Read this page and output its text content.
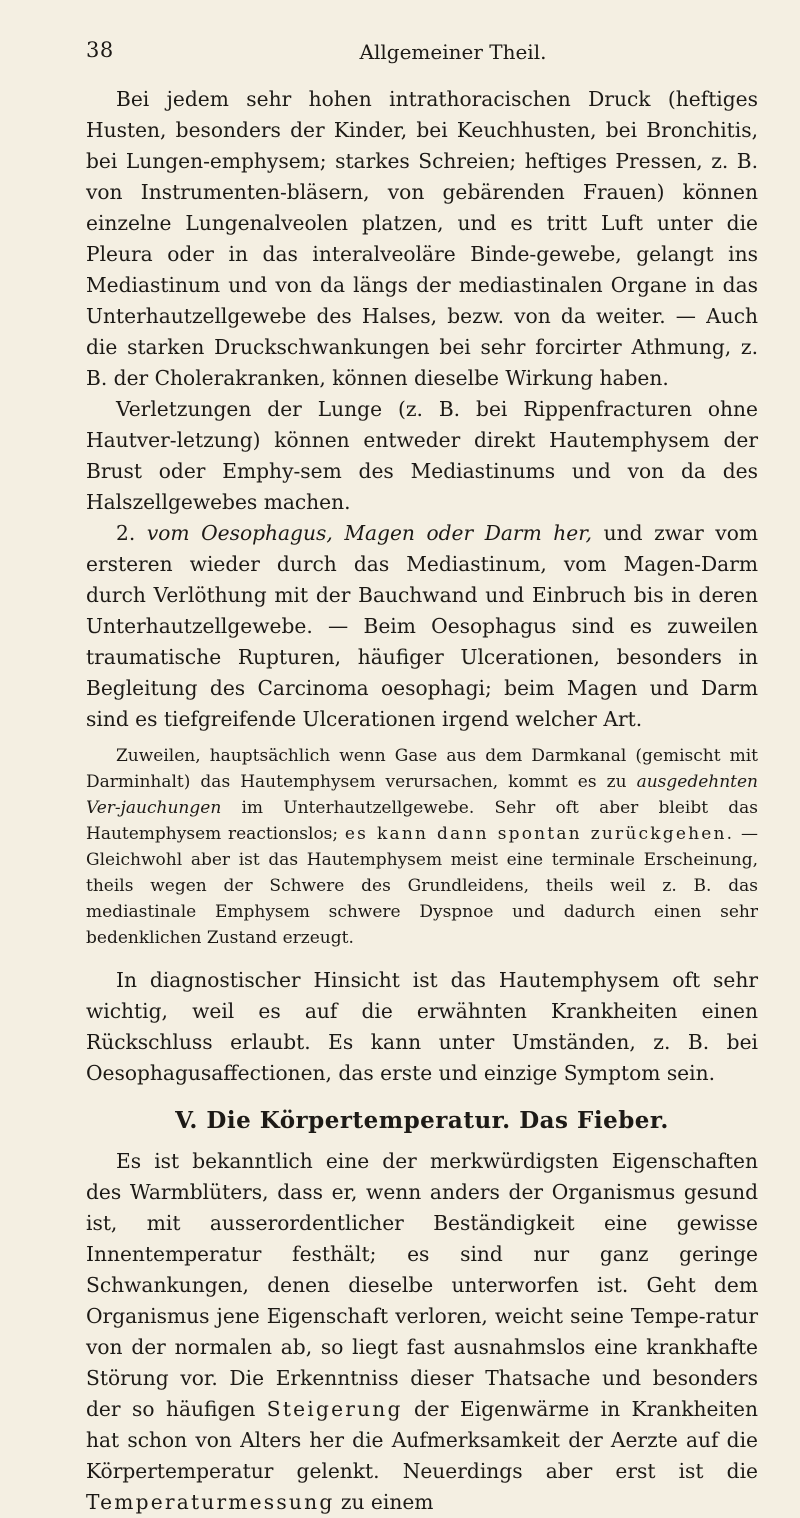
38	Allgemeiner Theil.

Bei jedem sehr hohen intrathoracischen Druck (heftiges Husten, besonders der Kinder, bei Keuchhusten, bei Bronchitis, bei Lungen-emphysem; starkes Schreien; heftiges Pressen, z. B. von Instrumenten-bläsern, von gebärenden Frauen) können einzelne Lungenalveolen platzen, und es tritt Luft unter die Pleura oder in das interalveoläre Binde-gewebe, gelangt ins Mediastinum und von da längs der mediastinalen Organe in das Unterhautzellgewebe des Halses, bezw. von da weiter. — Auch die starken Druckschwankungen bei sehr forcirter Athmung, z. B. der Cholerakranken, können dieselbe Wirkung haben.

Verletzungen der Lunge (z. B. bei Rippenfracturen ohne Hautver-letzung) können entweder direkt Hautemphysem der Brust oder Emphy-sem des Mediastinums und von da des Halszellgewebes machen.

2. vom Oesophagus, Magen oder Darm her, und zwar vom ersteren wieder durch das Mediastinum, vom Magen-Darm durch Verlöthung mit der Bauchwand und Einbruch bis in deren Unterhautzellgewebe. — Beim Oesophagus sind es zuweilen traumatische Rupturen, häufiger Ulcerationen, besonders in Begleitung des Carcinoma oesophagi; beim Magen und Darm sind es tiefgreifende Ulcerationen irgend welcher Art.

Zuweilen, hauptsächlich wenn Gase aus dem Darmkanal (gemischt mit Darminhalt) das Hautemphysem verursachen, kommt es zu ausgedehnten Ver-jauchungen im Unterhautzellgewebe. Sehr oft aber bleibt das Hautemphysem reactionslos; es kann dann spontan zurückgehen. — Gleichwohl aber ist das Hautemphysem meist eine terminale Erscheinung, theils wegen der Schwere des Grundleidens, theils weil z. B. das mediastinale Emphysem schwere Dyspnoe und dadurch einen sehr bedenklichen Zustand erzeugt.

In diagnostischer Hinsicht ist das Hautemphysem oft sehr wichtig, weil es auf die erwähnten Krankheiten einen Rückschluss erlaubt. Es kann unter Umständen, z. B. bei Oesophagusaffectionen, das erste und einzige Symptom sein.

V. Die Körpertemperatur. Das Fieber.

Es ist bekanntlich eine der merkwürdigsten Eigenschaften des Warmblüters, dass er, wenn anders der Organismus gesund ist, mit ausserordentlicher Beständigkeit eine gewisse Innentemperatur festhält; es sind nur ganz geringe Schwankungen, denen dieselbe unterworfen ist. Geht dem Organismus jene Eigenschaft verloren, weicht seine Tempe-ratur von der normalen ab, so liegt fast ausnahmslos eine krankhafte Störung vor. Die Erkenntniss dieser Thatsache und besonders der so häufigen Steigerung der Eigenwärme in Krankheiten hat schon von Alters her die Aufmerksamkeit der Aerzte auf die Körpertemperatur gelenkt. Neuerdings aber erst ist die Temperaturmessung zu einem
